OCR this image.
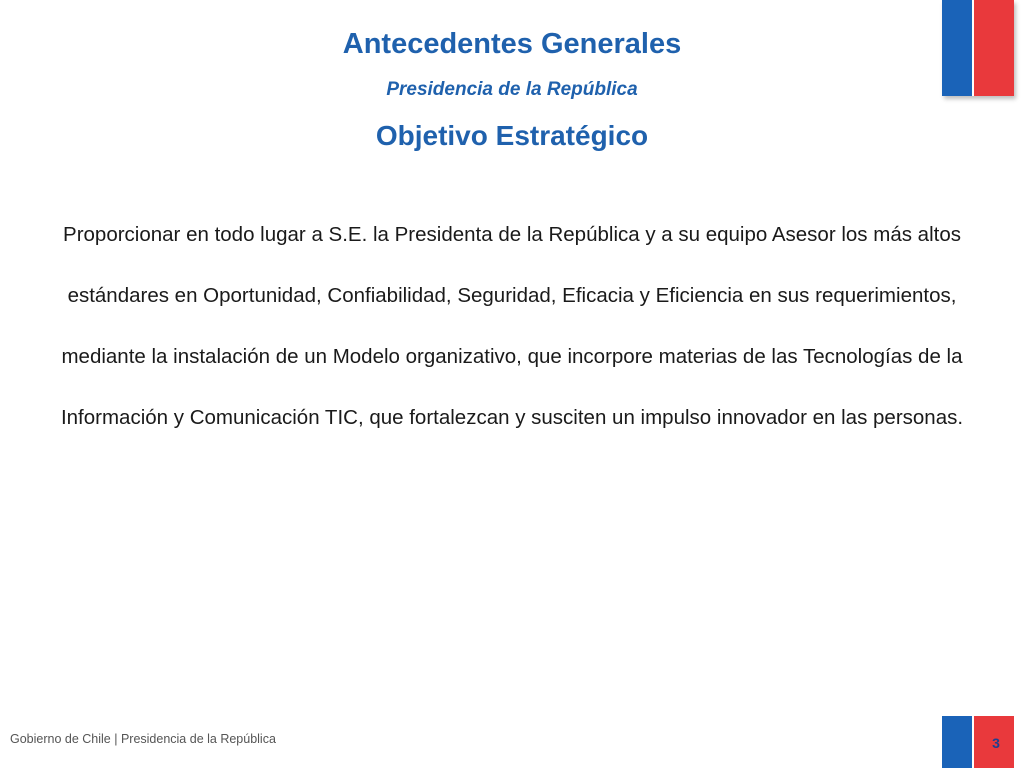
Antecedentes Generales
Presidencia de la República
Objetivo Estratégico

Proporcionar en todo lugar a S.E. la Presidenta de la República y a su equipo Asesor los más altos estándares en Oportunidad, Confiabilidad, Seguridad, Eficacia y Eficiencia en sus requerimientos, mediante la instalación de un Modelo organizativo, que incorpore materias de las Tecnologías de la Información y Comunicación TIC, que fortalezcan y susciten un impulso innovador en las personas.

Gobierno de Chile | Presidencia de la República	3
